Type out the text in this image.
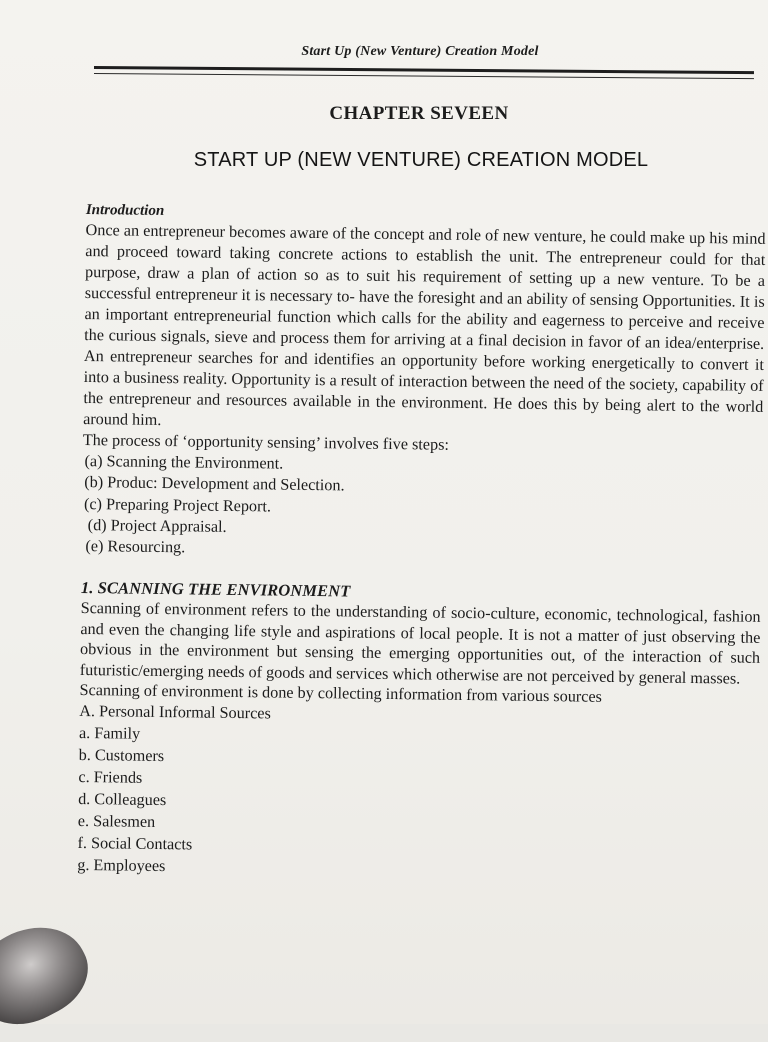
Start Up (New Venture) Creation Model
CHAPTER SEVEEN
START UP (NEW VENTURE) CREATION MODEL
Introduction

Once an entrepreneur becomes aware of the concept and role of new venture, he could make up his mind and proceed toward taking concrete actions to establish the unit. The entrepreneur could for that purpose, draw a plan of action so as to suit his requirement of setting up a new venture. To be a successful entrepreneur it is necessary to- have the foresight and an ability of sensing Opportunities. It is an important entrepreneurial function which calls for the ability and eagerness to perceive and receive the curious signals, sieve and process them for arriving at a final decision in favor of an idea/enterprise. An entrepreneur searches for and identifies an opportunity before working energetically to convert it into a business reality. Opportunity is a result of interaction between the need of the society, capability of the entrepreneur and resources available in the environment. He does this by being alert to the world around him.

The process of ‘opportunity sensing’ involves five steps:

(a) Scanning the Environment.
(b) Produc: Development and Selection.
(c) Preparing Project Report.
(d) Project Appraisal.
(e) Resourcing.
1. SCANNING THE ENVIRONMENT

Scanning of environment refers to the understanding of socio-culture, economic, technological, fashion and even the changing life style and aspirations of local people. It is not a matter of just observing the obvious in the environment but sensing the emerging opportunities out, of the interaction of such futuristic/emerging needs of goods and services which otherwise are not perceived by general masses.

Scanning of environment is done by collecting information from various sources

A. Personal Informal Sources

a. Family
b. Customers
c. Friends
d. Colleagues
e. Salesmen
f. Social Contacts
g. Employees
